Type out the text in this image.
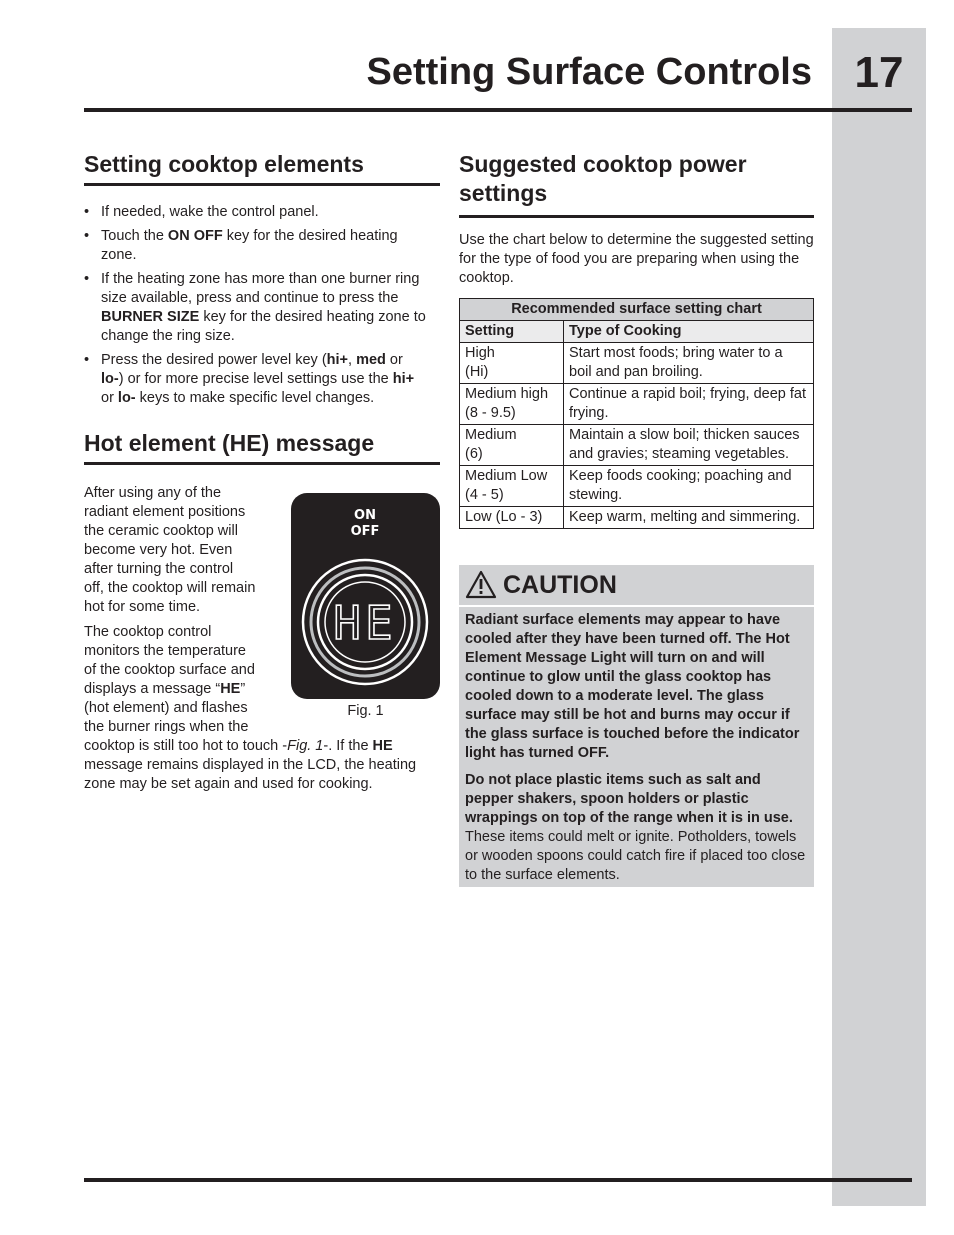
17
Setting Surface Controls
Setting cooktop elements
• If needed, wake the control panel.
• Touch the ON OFF key for the desired heating zone.
• If the heating zone has more than one burner ring size available, press and continue to press the BURNER SIZE key for the desired heating zone to change the ring size.
• Press the desired power level key (hi+, med or lo-) or for more precise level settings use the hi+ or lo- keys to make specific level changes.
Hot element (HE) message

After using any of the radiant element positions the ceramic cooktop will become very hot. Even after turning the control off, the cooktop will remain hot for some time.

The cooktop control monitors the temperature of the cooktop surface and displays a message “HE” (hot element) and flashes the burner rings when the cooktop is still too hot to touch -Fig. 1-. If the HE message remains displayed in the LCD, the heating zone may be set again and used for cooking.

ON
OFF
HE
Fig. 1
Suggested cooktop power
settings

Use the chart below to determine the suggested setting for the type of food you are preparing when using the cooktop.

Recommended surface setting chart	
Setting	Type of Cooking
High
(Hi)	Start most foods; bring water to a boil and pan broiling.
Medium high
(8 - 9.5)	Continue a rapid boil; frying, deep fat frying.
Medium
(6)	Maintain a slow boil; thicken sauces and gravies; steaming vegetables.
Medium Low
(4 - 5)	Keep foods cooking; poaching and stewing.
Low (Lo - 3)	Keep warm, melting and simmering.
CAUTION

Radiant surface elements may appear to have cooled after they have been turned off. The Hot Element Message Light will turn on and will continue to glow until the glass cooktop has cooled down to a moderate level. The glass surface may still be hot and burns may occur if the glass surface is touched before the indicator light has turned OFF.

Do not place plastic items such as salt and pepper shakers, spoon holders or plastic wrappings on top of the range when it is in use. These items could melt or ignite. Potholders, towels or wooden spoons could catch fire if placed too close to the surface elements.
